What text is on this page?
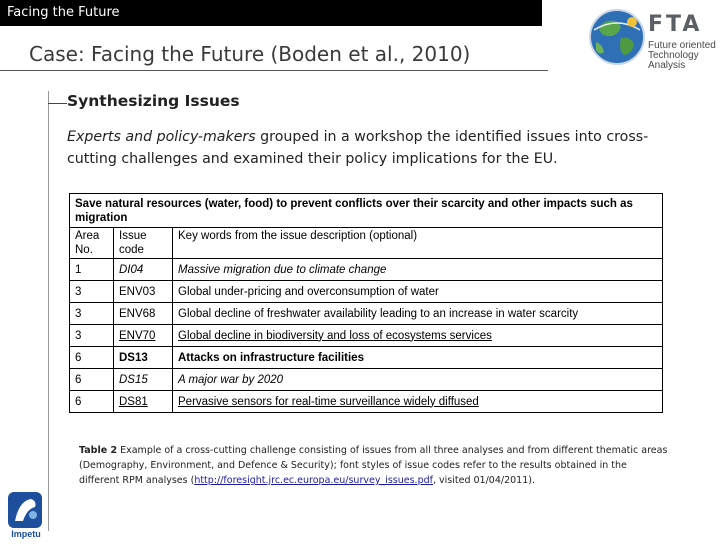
Facing the Future	FTA
Future oriented
Technology
Analysis
Case: Facing the Future (Boden et al., 2010)
Synthesizing Issues
Experts and policy-makers grouped in a workshop the identified issues into cross-cutting challenges and examined their policy implications for the EU.
Save natural resources (water, food) to prevent conflicts over their scarcity and other impacts such as migration		
Area No.	Issue code	Key words from the issue description (optional)
1	DI04	Massive migration due to climate change
3	ENV03	Global under-pricing and overconsumption of water
3	ENV68	Global decline of freshwater availability leading to an increase in water scarcity
3	ENV70	Global decline in biodiversity and loss of ecosystems services
6	DS13	Attacks on infrastructure facilities
6	DS15	A major war by 2020
6	DS81	Pervasive sensors for real-time surveillance widely diffused
Table 2 Example of a cross-cutting challenge consisting of issues from all three analyses and from different thematic areas (Demography, Environment, and Defence & Security); font styles of issue codes refer to the results obtained in the different RPM analyses (http://foresight.jrc.ec.europa.eu/survey_issues.pdf, visited 01/04/2011).
Impetu
